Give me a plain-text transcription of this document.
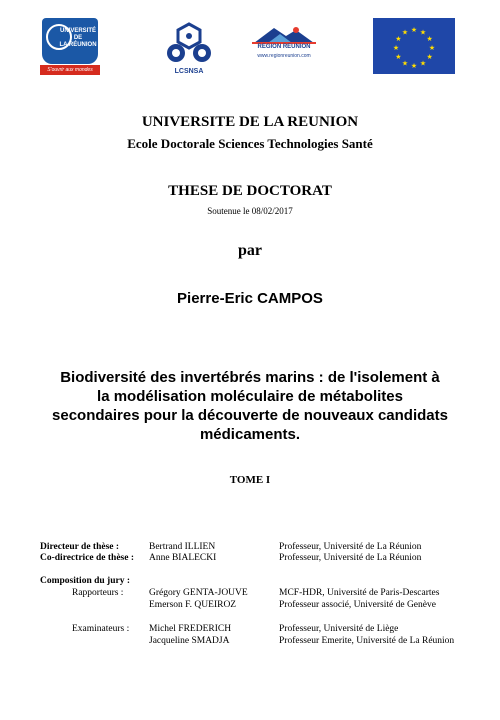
UNIVERSITÉ DE
LA RÉUNION
S'ouvrir aux mondes	LCSNSA
REGION REUNION
www.regionreunion.com
★ ★
★
★
★
★
★
★
★
★
★
★
UNIVERSITE DE LA REUNION
Ecole Doctorale Sciences Technologies Santé
THESE DE DOCTORAT
Soutenue le 08/02/2017
par
Pierre-Eric CAMPOS
Biodiversité des invertébrés marins : de l'isolement à
la modélisation moléculaire de métabolites
secondaires pour la découverte de nouveaux candidats
médicaments.
TOME I
Directeur de thèse :	Bertrand ILLIEN	Professeur, Université de La Réunion
Co-directrice de thèse : Anne BIALECKI	Professeur, Université de La Réunion
Composition du jury :
Rapporteurs :	Grégory GENTA-JOUVE	MCF-HDR, Université de Paris-Descartes
Emerson F. QUEIROZ	Professeur associé, Université de Genève
Examinateurs : Michel FREDERICH	Professeur, Université de Liège
Jacqueline SMADJA	Professeur Emerite, Université de La Réunion
